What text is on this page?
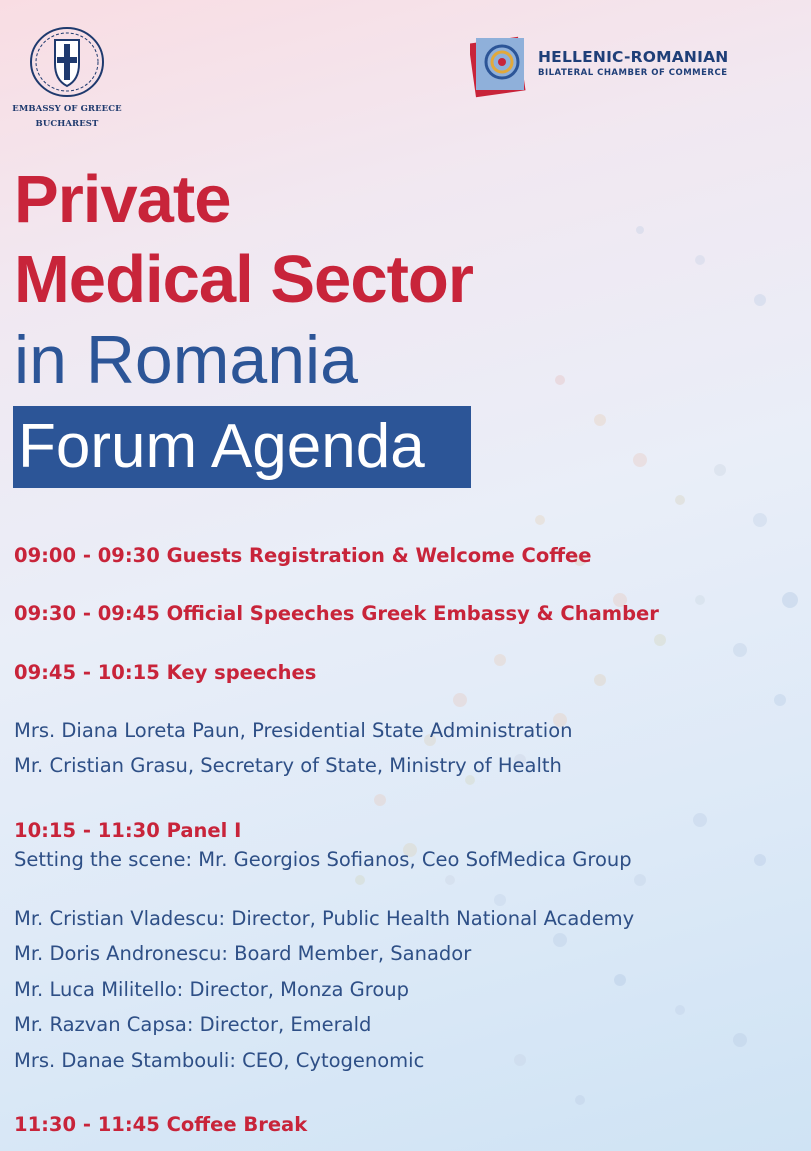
EMBASSY OF GREECE
BUCHAREST
HELLENIC-ROMANIAN
BILATERAL CHAMBER OF COMMERCE
Private
Medical Sector
in Romania
Forum Agenda
09:00 - 09:30 Guests Registration & Welcome Coffee
09:30 - 09:45 Official Speeches Greek Embassy & Chamber
09:45 - 10:15 Key speeches
Mrs. Diana Loreta Paun, Presidential State Administration
Mr. Cristian Grasu, Secretary of State, Ministry of Health
10:15 - 11:30 Panel I
Setting the scene: Mr. Georgios Sofianos, Ceo SofMedica Group
Mr. Cristian Vladescu: Director, Public Health National Academy
Mr. Doris Andronescu: Board Member, Sanador
Mr. Luca Militello: Director, Monza Group
Mr. Razvan Capsa: Director, Emerald
Mrs. Danae Stambouli: CEO, Cytogenomic
11:30 - 11:45 Coffee Break
